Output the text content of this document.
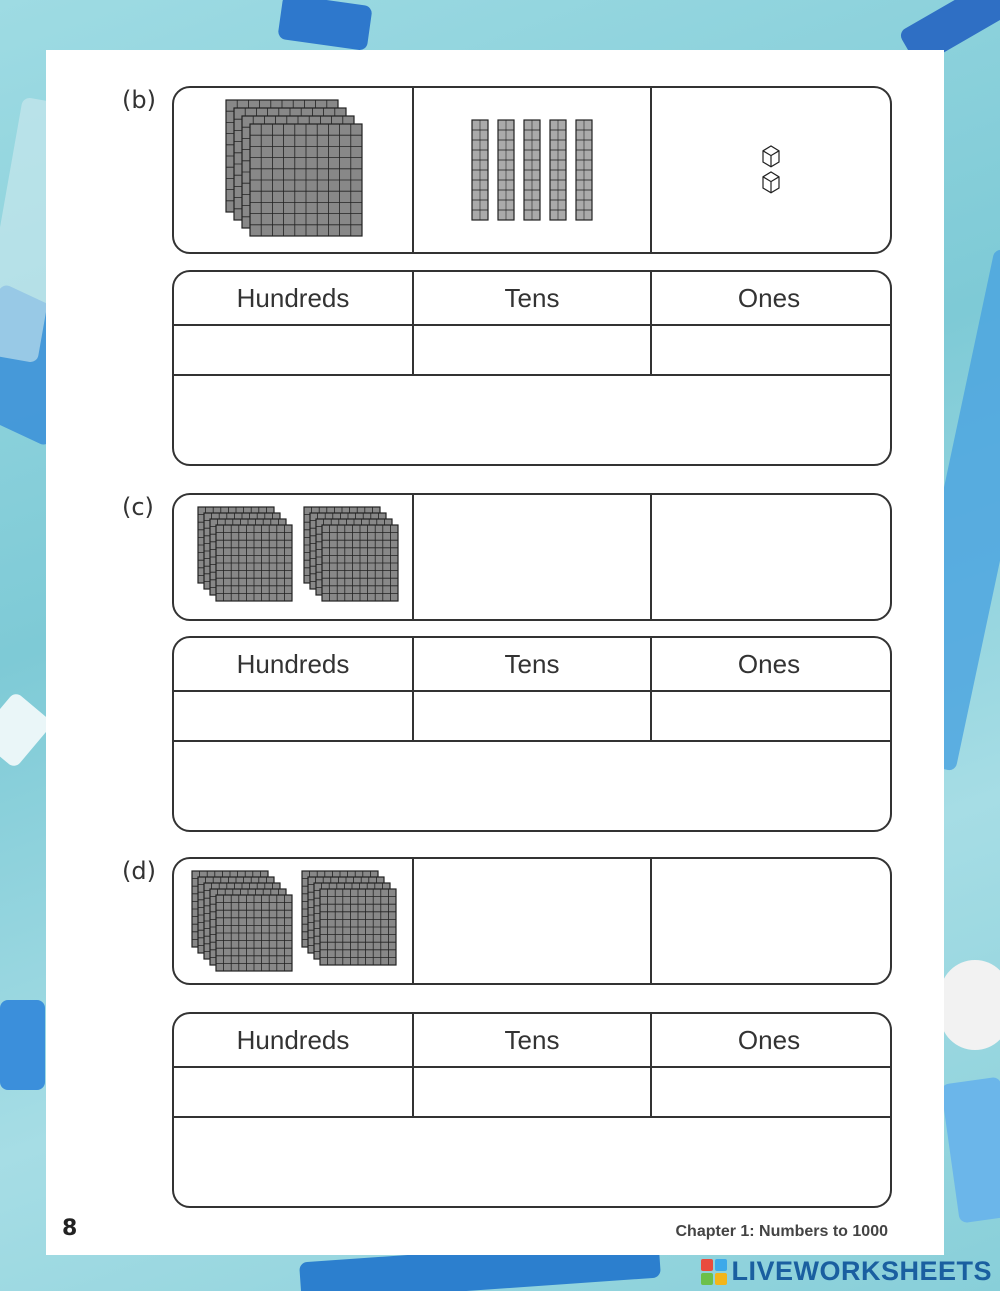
(b)
Hundreds	Tens	Ones
(c)
Hundreds	Tens	Ones
(d)
Hundreds	Tens	Ones
8	Chapter 1: Numbers to 1000
LIVEWORKSHEETS
